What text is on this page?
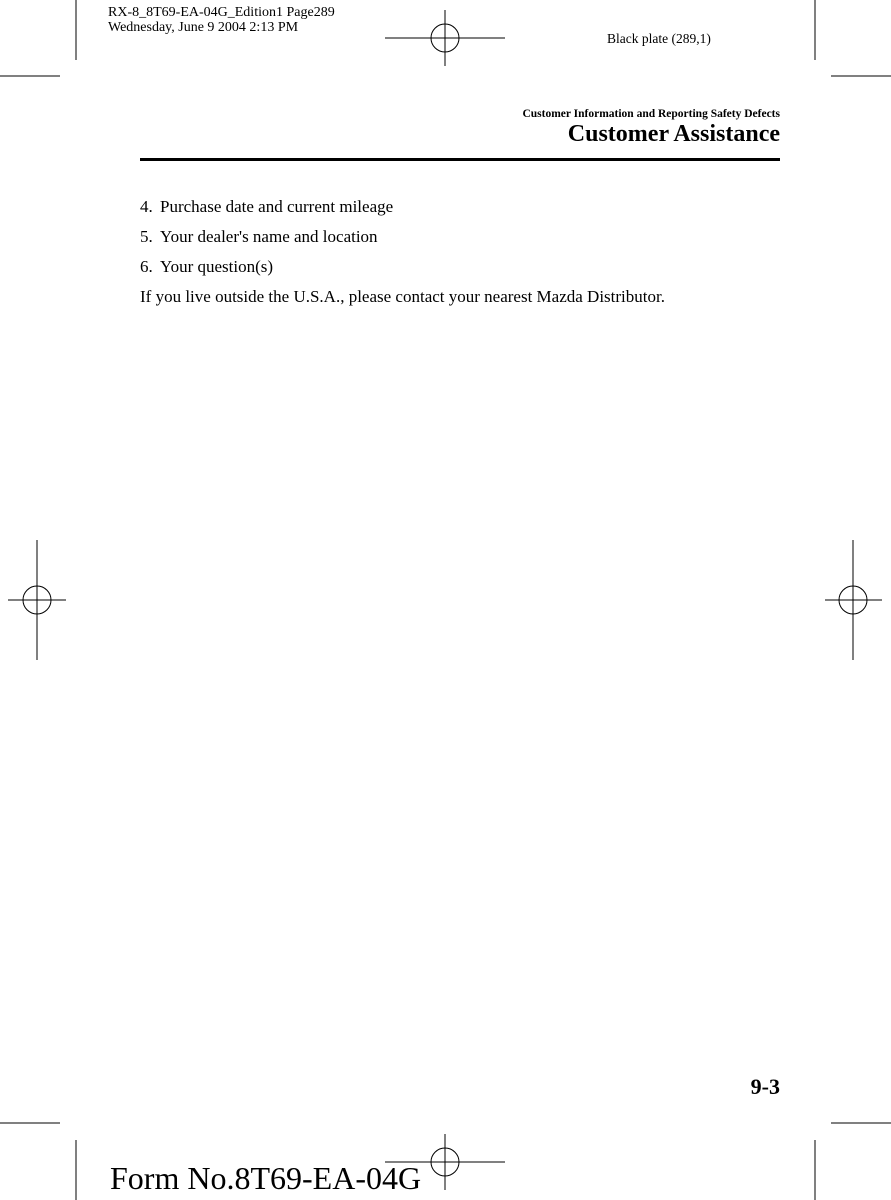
RX-8_8T69-EA-04G_Edition1 Page289
Wednesday, June 9 2004 2:13 PM
Black plate (289,1)
Customer Information and Reporting Safety Defects
Customer Assistance
4. Purchase date and current mileage
5. Your dealer's name and location
6. Your question(s)
If you live outside the U.S.A., please contact your nearest Mazda Distributor.
9-3
Form No.8T69-EA-04G
